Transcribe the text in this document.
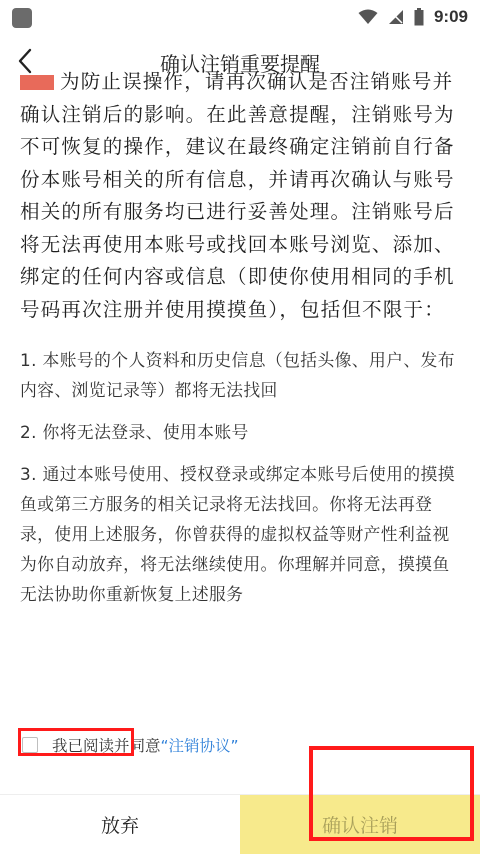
9:09
确认注销重要提醒

为防止误操作，请再次确认是否注销账号并确认注销后的影响。在此善意提醒，注销账号为不可恢复的操作，建议在最终确定注销前自行备份本账号相关的所有信息，并请再次确认与账号相关的所有服务均已进行妥善处理。注销账号后将无法再使用本账号或找回本账号浏览、添加、绑定的任何内容或信息（即使你使用相同的手机号码再次注册并使用摸摸鱼），包括但不限于：

1. 本账号的个人资料和历史信息（包括头像、用户、发布内容、浏览记录等）都将无法找回
2. 你将无法登录、使用本账号
3. 通过本账号使用、授权登录或绑定本账号后使用的摸摸鱼或第三方服务的相关记录将无法找回。你将无法再登录，使用上述服务，你曾获得的虚拟权益等财产性利益视为你自动放弃，将无法继续使用。你理解并同意，摸摸鱼无法协助你重新恢复上述服务
我已阅读并同意 “注销协议”
放弃	确认注销
